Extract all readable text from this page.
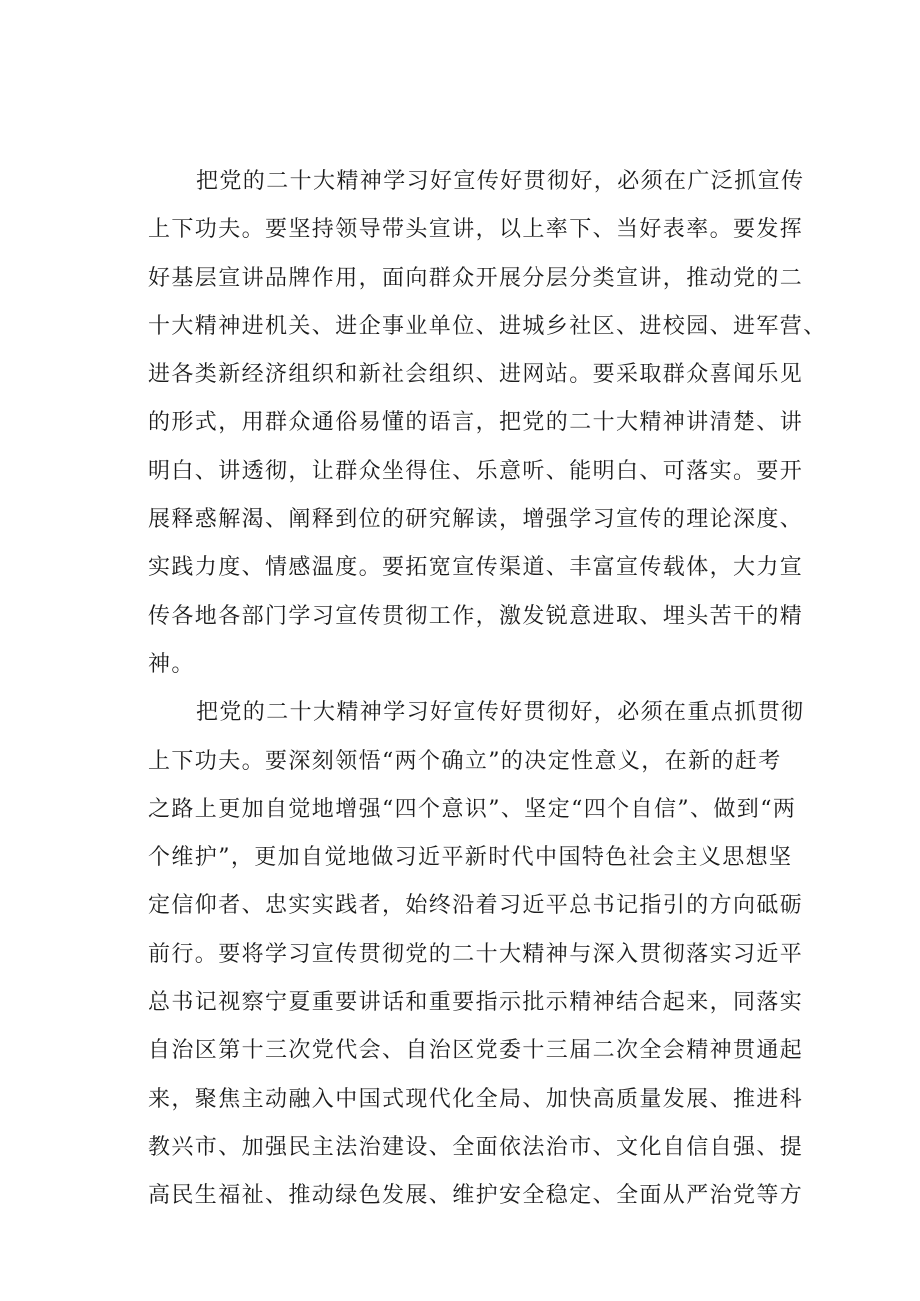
把党的二十大精神学习好宣传好贯彻好，必须在广泛抓宣传
上下功夫。要坚持领导带头宣讲，以上率下、当好表率。要发挥
好基层宣讲品牌作用，面向群众开展分层分类宣讲，推动党的二
十大精神进机关、进企事业单位、进城乡社区、进校园、进军营、
进各类新经济组织和新社会组织、进网站。要采取群众喜闻乐见
的形式，用群众通俗易懂的语言，把党的二十大精神讲清楚、讲
明白、讲透彻，让群众坐得住、乐意听、能明白、可落实。要开
展释惑解渴、阐释到位的研究解读，增强学习宣传的理论深度、
实践力度、情感温度。要拓宽宣传渠道、丰富宣传载体，大力宣
传各地各部门学习宣传贯彻工作，激发锐意进取、埋头苦干的精
神。
把党的二十大精神学习好宣传好贯彻好，必须在重点抓贯彻
上下功夫。要深刻领悟“两个确立”的决定性意义，在新的赶考
之路上更加自觉地增强“四个意识”、坚定“四个自信”、做到“两
个维护”，更加自觉地做习近平新时代中国特色社会主义思想坚
定信仰者、忠实实践者，始终沿着习近平总书记指引的方向砥砺
前行。要将学习宣传贯彻党的二十大精神与深入贯彻落实习近平
总书记视察宁夏重要讲话和重要指示批示精神结合起来，同落实
自治区第十三次党代会、自治区党委十三届二次全会精神贯通起
来，聚焦主动融入中国式现代化全局、加快高质量发展、推进科
教兴市、加强民主法治建设、全面依法治市、文化自信自强、提
高民生福祉、推动绿色发展、维护安全稳定、全面从严治党等方
